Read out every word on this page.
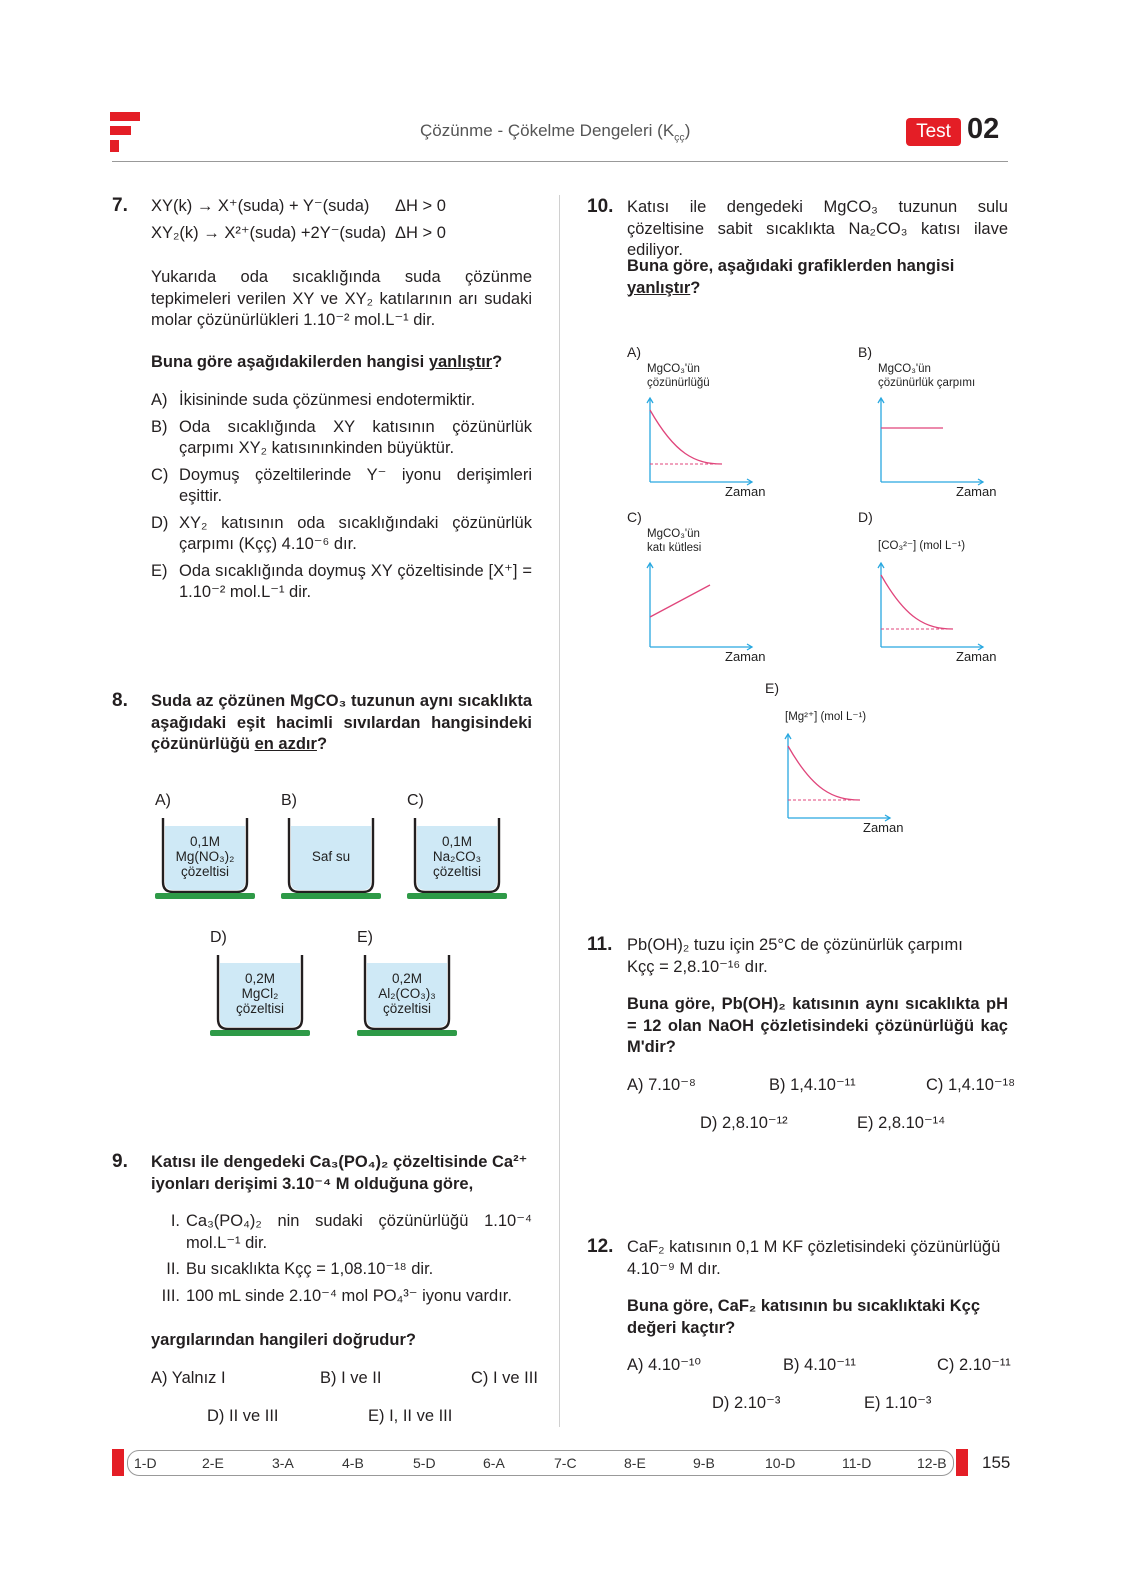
Çözünme - Çökelme Dengeleri $(K_{çç})$	Test 02
7. XY(k) → X⁺(suda) + Y⁻(suda) ΔH > 0
XY₂(k) → X²⁺(suda) +2Y⁻(suda) ΔH > 0
Yukarıda oda sıcaklığında suda çözünme tepkimeleri verilen XY ve XY₂ katılarının arı sudaki molar çözünürlükleri 1.10⁻² mol.L⁻¹ dir.
Buna göre aşağıdakilerden hangisi yanlıştır?
A) İkisininde suda çözünmesi endotermiktir.
B) Oda sıcaklığında XY katısının çözünürlük çarpımı XY₂ katısınınkinden büyüktür.
C) Doymuş çözeltilerinde Y⁻ iyonu derişimleri eşittir.
D) XY₂ katısının oda sıcaklığındaki çözünürlük çarpımı (Kçç) 4.10⁻⁶ dır.
E) Oda sıcaklığında doymuş XY çözeltisinde [X⁺] = 1.10⁻² mol.L⁻¹ dir.
8. Suda az çözünen MgCO₃ tuzunun aynı sıcaklıkta aşağıdaki eşit hacimli sıvılardan hangisindeki çözünürlüğü en azdır?
A)
0,1M
Mg(NO₃)₂
çözeltisi
B)
Saf su
C)
0,1M
Na₂CO₃
çözeltisi
D)
0,2M
MgCl₂
çözeltisi
E)
0,2M
Al₂(CO₃)₃
çözeltisi
9. Katısı ile dengedeki Ca₃(PO₄)₂ çözeltisinde Ca²⁺ iyonları derişimi 3.10⁻⁴ M olduğuna göre,
I. Ca₃(PO₄)₂ nin sudaki çözünürlüğü 1.10⁻⁴ mol.L⁻¹ dir.
II. Bu sıcaklıkta Kçç = 1,08.10⁻¹⁸ dir.
III. 100 mL sinde 2.10⁻⁴ mol PO₄³⁻ iyonu vardır.
yargılarından hangileri doğrudur?
A) Yalnız I	B) I ve II	C) I ve III
D) II ve III	E) I, II ve III
10. Katısı ile dengedeki MgCO₃ tuzunun sulu çözeltisine sabit sıcaklıkta Na₂CO₃ katısı ilave ediliyor.
Buna göre, aşağıdaki grafiklerden hangisi yanlıştır?
A)
MgCO₃'ün
çözünürlüğü
Zaman
B)
MgCO₃'ün
çözünürlük çarpımı
Zaman
C)
MgCO₃'ün
katı kütlesi
Zaman
D)
[CO₃²⁻] (mol L⁻¹)
Zaman
E)
[Mg²⁺] (mol L⁻¹)
Zaman
11. Pb(OH)₂ tuzu için 25°C de çözünürlük çarpımı Kçç = 2,8.10⁻¹⁶ dır.
Buna göre, Pb(OH)₂ katısının aynı sıcaklıkta pH = 12 olan NaOH çözletisindeki çözünürlüğü kaç M'dir?
A) 7.10⁻⁸	B) 1,4.10⁻¹¹	C) 1,4.10⁻¹⁸
D) 2,8.10⁻¹²	E) 2,8.10⁻¹⁴
12. CaF₂ katısının 0,1 M KF çözletisindeki çözünürlüğü 4.10⁻⁹ M dır.
Buna göre, CaF₂ katısının bu sıcaklıktaki Kçç değeri kaçtır?
A) 4.10⁻¹⁰	B) 4.10⁻¹¹	C) 2.10⁻¹¹
D) 2.10⁻³	E) 1.10⁻³
1-D	2-E	3-A	4-B	5-D	6-A	7-C	8-E	9-B	10-D	11-D	12-B 155
